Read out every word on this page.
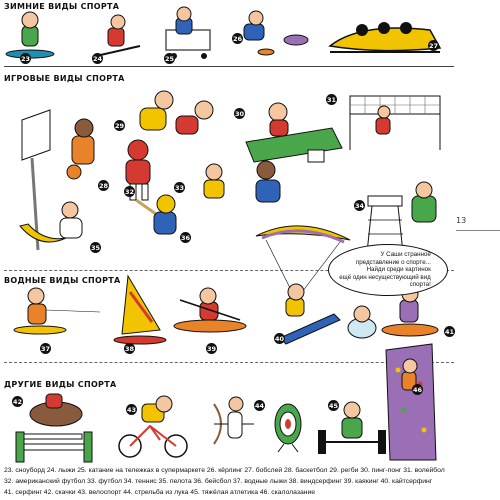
ЗИМНИЕ ВИДЫ СПОРТА
ИГРОВЫЕ ВИДЫ СПОРТА
ВОДНЫЕ ВИДЫ СПОРТА
ДРУГИЕ ВИДЫ СПОРТА
13
23	24	25
26
27
28
29
30
31
32	33
34
35
36
37	38	39
40
41
42
43	44	45
46
У Саши странное
представление о спорте...
Найди среди картинок
ещё один несуществующий вид
спорта!
23. сноуборд 24. лыжи 25. катание на тележках в супермаркете 26. кёрлинг 27. бобслей 28. баскетбол 29. регби 30. пинг-понг 31. волейбол
32. американский футбол 33. футбол 34. теннис 35. пелота 36. бейсбол 37. водные лыжи 38. виндсерфинг 39. каякинг 40. кайтсерфинг
41. серфинг 42. скачки 43. велоспорт 44. стрельба из лука 45. тяжёлая атлетика 46. скалолазание
